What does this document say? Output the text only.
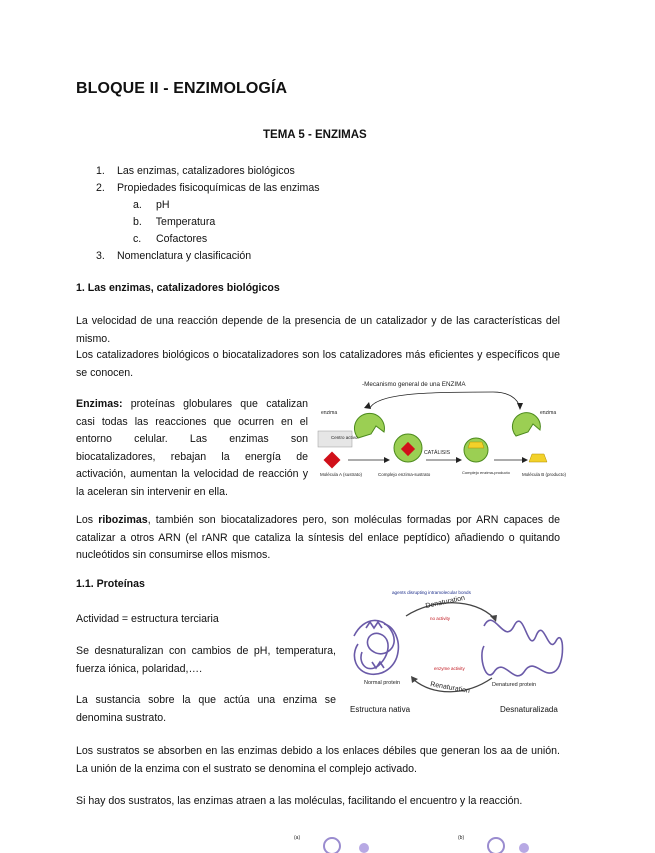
BLOQUE II - ENZIMOLOGÍA
TEMA 5 - ENZIMAS
1. Las enzimas, catalizadores biológicos
2. Propiedades fisicoquímicas de las enzimas
a. pH
b. Temperatura
c. Cofactores
3. Nomenclatura y clasificación
1. Las enzimas, catalizadores biológicos
La velocidad de una reacción depende de la presencia de un catalizador y de las características del mismo.
Los catalizadores biológicos o biocatalizadores son los catalizadores más eficientes y específicos que se conocen.
Enzimas: proteínas globulares que catalizan casi todas las reacciones que ocurren en el entorno celular. Las enzimas son biocatalizadores, rebajan la energía de activación, aumentan la velocidad de reacción y la aceleran sin intervenir en ella.
-Mecanismo general de una ENZIMA
enzima
Centro activo
Molécula A (sustrato)	Complejo enzima-sustrato
CATÁLISIS
Complejo enzima-producto	Molécula B (producto)
enzima
Los ribozimas, también son biocatalizadores pero, son moléculas formadas por ARN capaces de catalizar a otros ARN (el rANR que cataliza la síntesis del enlace peptídico) añadiendo o quitando nucleótidos sin consumirse ellos mismos.
1.1. Proteínas
Actividad = estructura terciaria
Se desnaturalizan con cambios de pH, temperatura, fuerza iónica, polaridad,….
La sustancia sobre la que actúa una enzima se denomina sustrato.
agents disrupting intramolecular bonds
Denaturation
Renaturation
no activity
enzyme activity
Normal protein	Denatured protein
Estructura nativa	Desnaturalizada
Los sustratos se absorben en las enzimas debido a los enlaces débiles que generan los aa de unión. La unión de la enzima con el sustrato se denomina el complejo activado.
Si hay dos sustratos, las enzimas atraen a las moléculas, facilitando el encuentro y la reacción.
(a)	(b)
